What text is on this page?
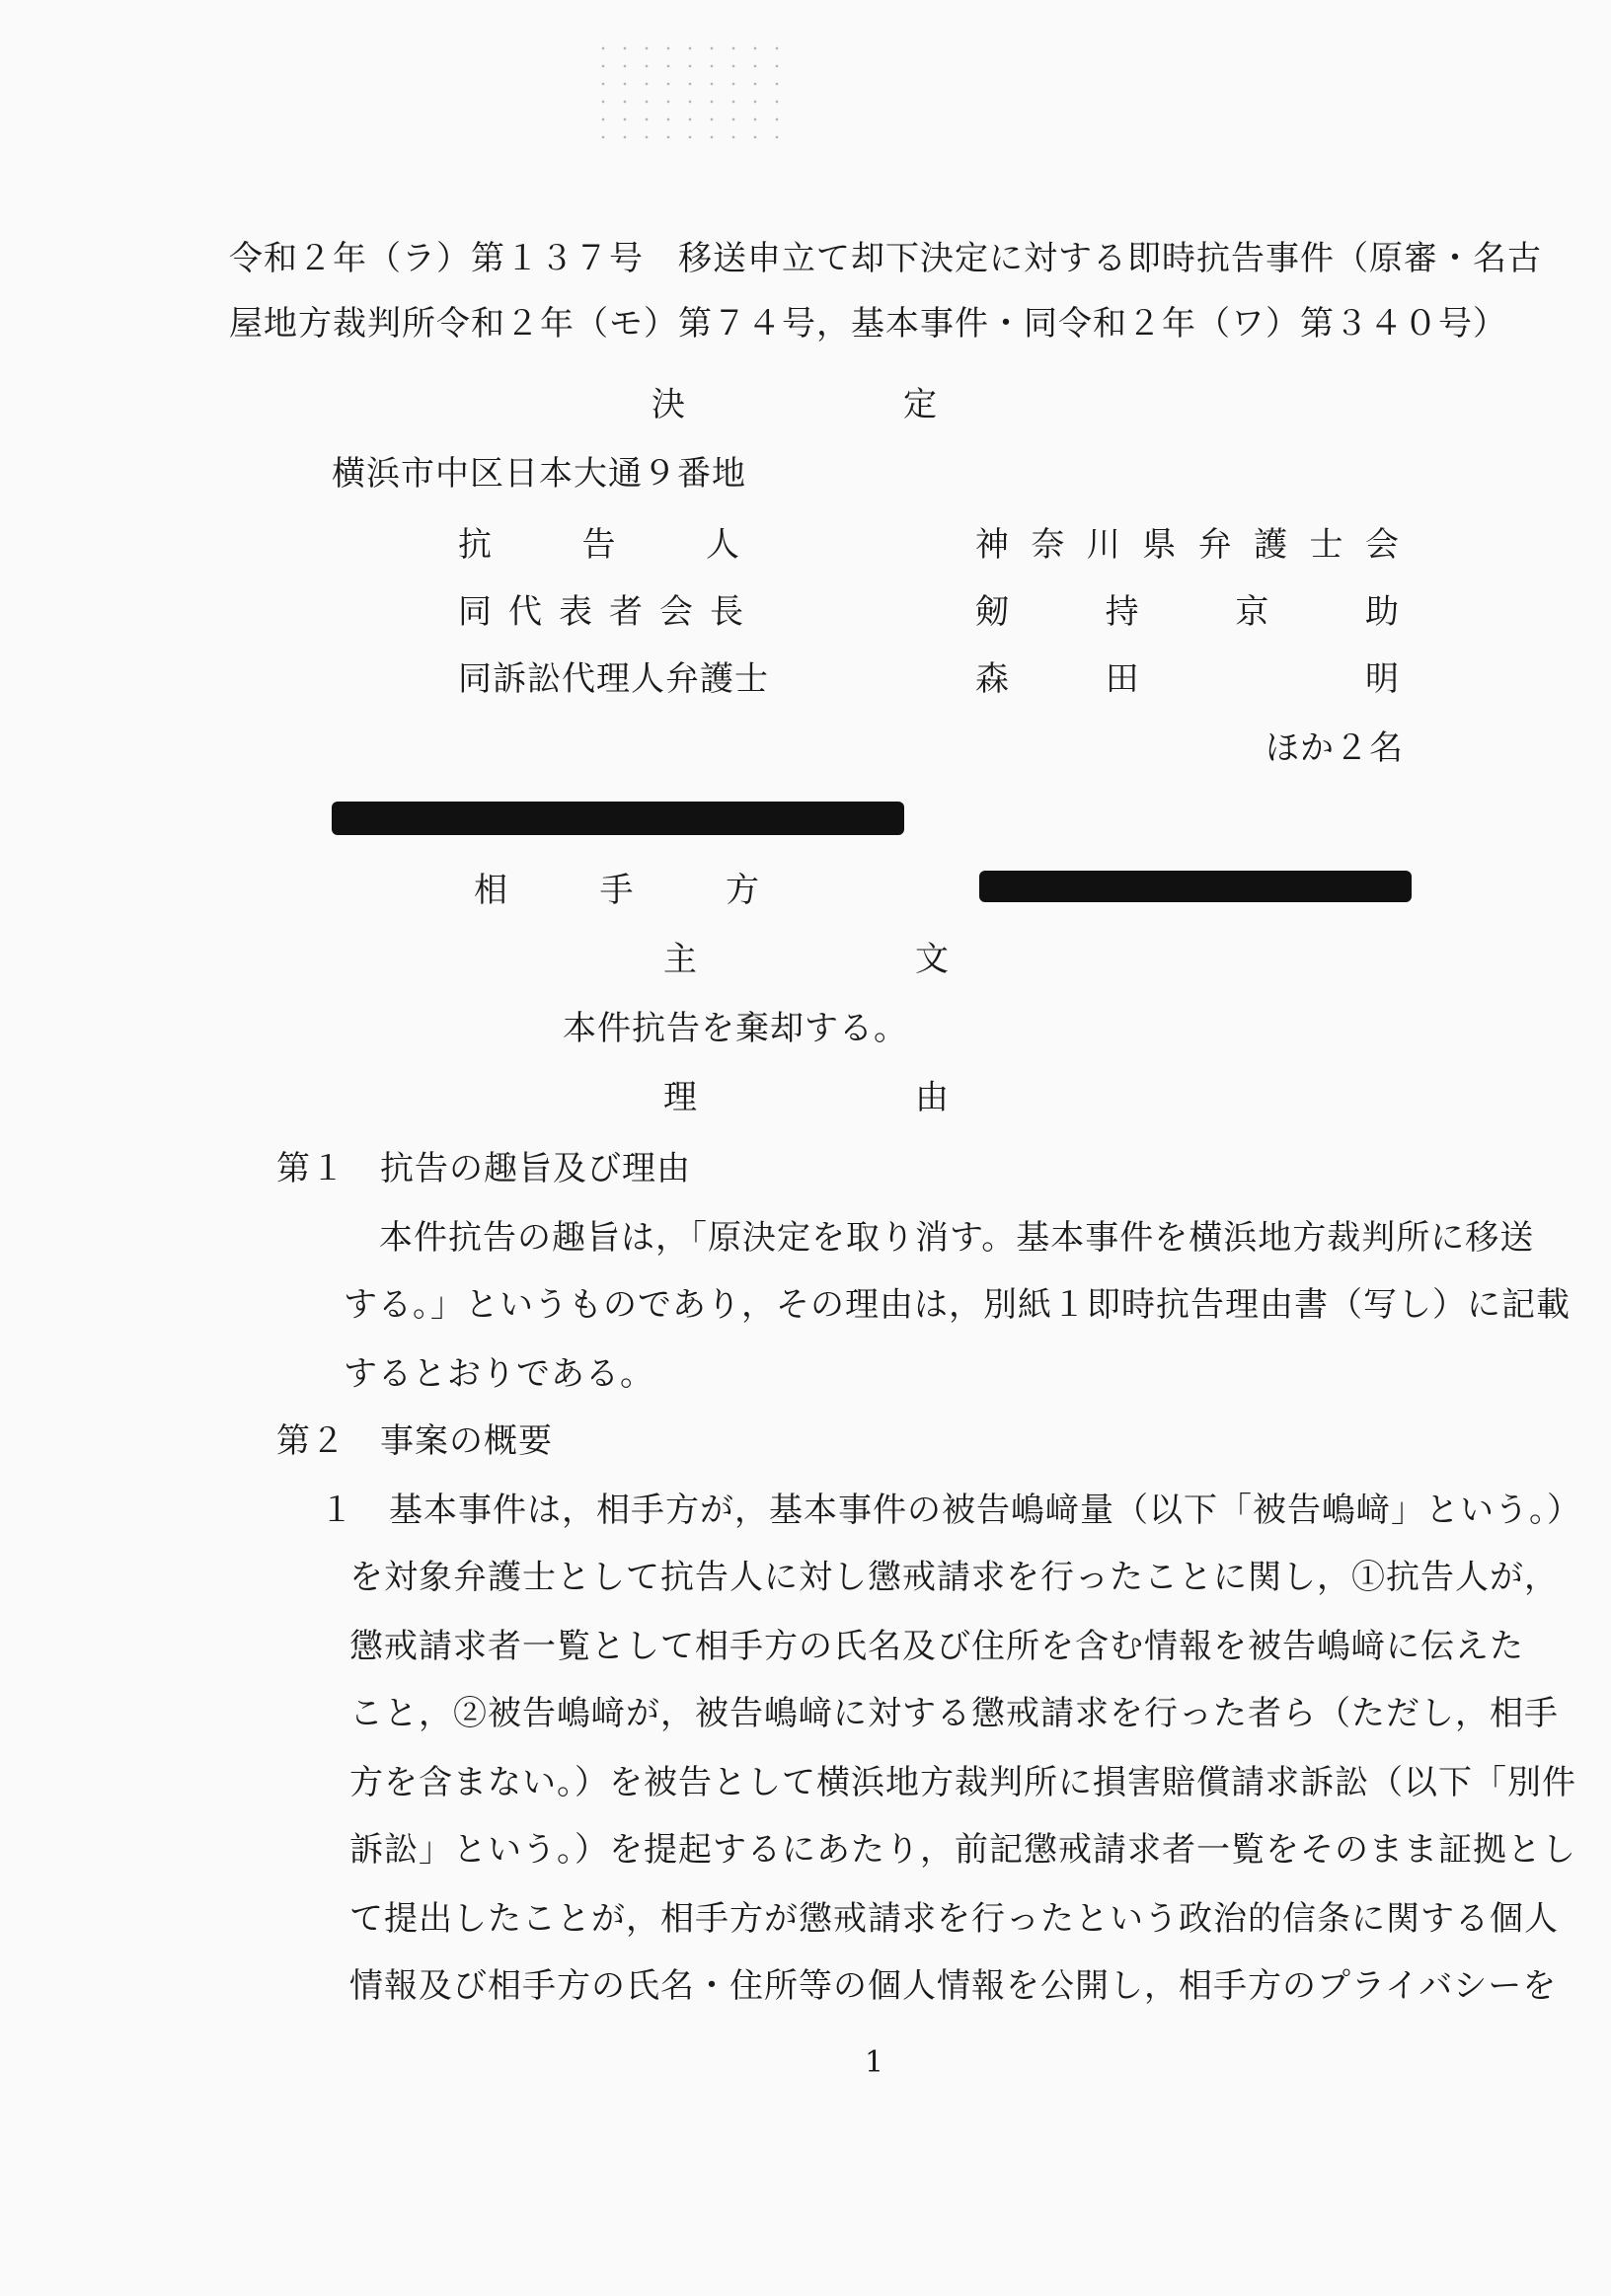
令和２年（ラ）第１３７号　移送申立て却下決定に対する即時抗告事件（原審・名古
屋地方裁判所令和２年（モ）第７４号，基本事件・同令和２年（ワ）第３４０号）
決	定
横浜市中区日本大通９番地
抗	告	人	神 奈 川 県 弁 護 士 会
同 代 表 者 会 長	剱	持	京	助
同訴訟代理人弁護士	森	田	明
ほか２名
相	手	方
主	文
本件抗告を棄却する。
理	由
第１　抗告の趣旨及び理由
本件抗告の趣旨は，「原決定を取り消す。基本事件を横浜地方裁判所に移送
する。」というものであり，その理由は，別紙１即時抗告理由書（写し）に記載
するとおりである。
第２　事案の概要
１　基本事件は，相手方が，基本事件の被告嶋﨑量（以下「被告嶋﨑」という。）
を対象弁護士として抗告人に対し懲戒請求を行ったことに関し，①抗告人が，
懲戒請求者一覧として相手方の氏名及び住所を含む情報を被告嶋﨑に伝えた
こと，②被告嶋﨑が，被告嶋﨑に対する懲戒請求を行った者ら（ただし，相手
方を含まない。）を被告として横浜地方裁判所に損害賠償請求訴訟（以下「別件
訴訟」という。）を提起するにあたり，前記懲戒請求者一覧をそのまま証拠とし
て提出したことが，相手方が懲戒請求を行ったという政治的信条に関する個人
情報及び相手方の氏名・住所等の個人情報を公開し，相手方のプライバシーを
1
